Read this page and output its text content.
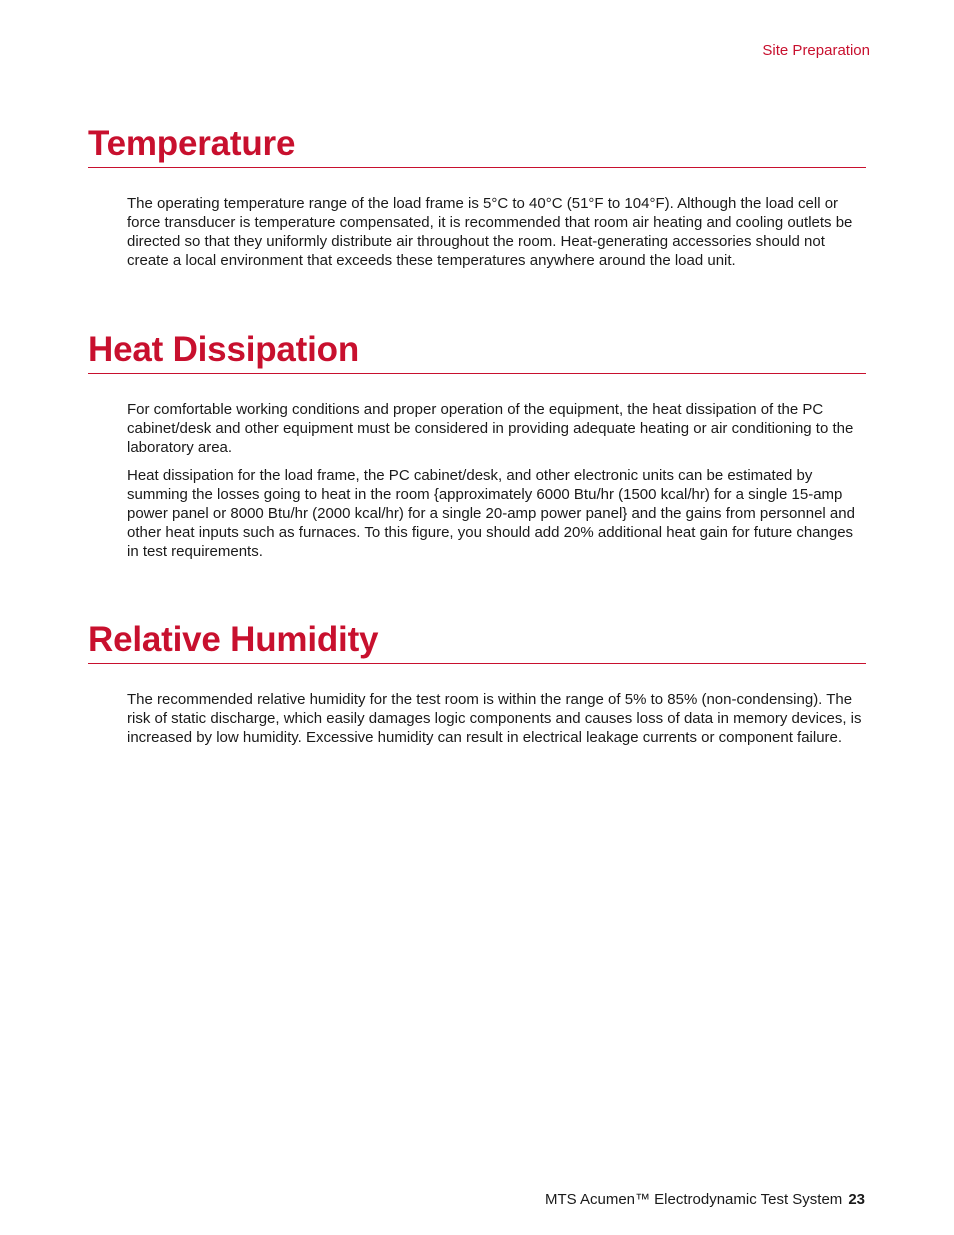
Site Preparation
Temperature

The operating temperature range of the load frame is 5°C to 40°C (51°F to 104°F). Although the load cell or force transducer is temperature compensated, it is recommended that room air heating and cooling outlets be directed so that they uniformly distribute air throughout the room. Heat-generating accessories should not create a local environment that exceeds these temperatures anywhere around the load unit.

Heat Dissipation

For comfortable working conditions and proper operation of the equipment, the heat dissipation of the PC cabinet/desk and other equipment must be considered in providing adequate heating or air conditioning to the laboratory area.

Heat dissipation for the load frame, the PC cabinet/desk, and other electronic units can be estimated by summing the losses going to heat in the room {approximately 6000 Btu/hr (1500 kcal/hr) for a single 15-amp power panel or 8000 Btu/hr (2000 kcal/hr) for a single 20-amp power panel} and the gains from personnel and other heat inputs such as furnaces. To this figure, you should add 20% additional heat gain for future changes in test requirements.

Relative Humidity

The recommended relative humidity for the test room is within the range of 5% to 85% (non-condensing). The risk of static discharge, which easily damages logic components and causes loss of data in memory devices, is increased by low humidity. Excessive humidity can result in electrical leakage currents or component failure.

MTS Acumen™ Electrodynamic Test System 23
